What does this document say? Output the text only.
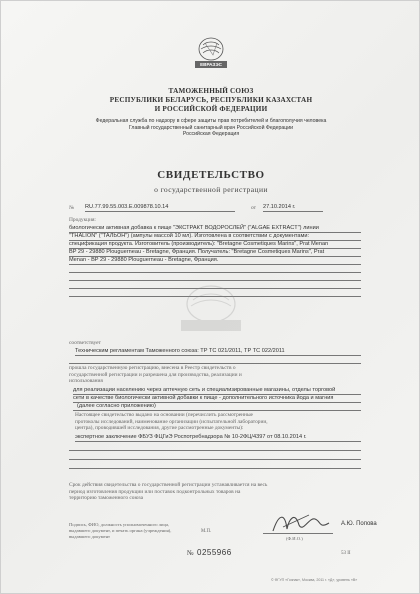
ЕВРАЗЭС
ТАМОЖЕННЫЙ СОЮЗ
РЕСПУБЛИКИ БЕЛАРУСЬ, РЕСПУБЛИКИ КАЗАХСТАН
И РОССИЙСКОЙ ФЕДЕРАЦИИ
Федеральная служба по надзору в сфере защиты прав потребителей и благополучия человека
Главный государственный санитарный врач Российской Федерации
Российская Федерация
СВИДЕТЕЛЬСТВО
о государственной регистрации
№ RU.77.99.55.003.E.009878.10.14	от 27.10.2014 г.
Продукция:
биологически активная добавка к пище "ЭКСТРАКТ ВОДОРОСЛЕЙ" ("ALGAE EXTRACT") линии
"THALION" ("ТАЛЬОН") (ампулы массой 10 мл). Изготовлена в соответствии с документами:
спецификация продукта. Изготовитель (производитель): "Bretagne Cosmetiques Marins", Prat Menan
BP 29 - 29880 Plouguerneau - Bretagne, Франция. Получатель: "Bretagne Cosmetiques Marins", Prat
Menan - BP 29 - 29880 Plouguerneau - Bretagne, Франция.
соответствует
Техническим регламентам Таможенного союза: ТР ТС 021/2011, ТР ТС 022/2011
прошла государственную регистрацию, внесена в Реестр свидетельств о
государственной регистрации и разрешена для производства, реализации и
использования
для реализации населению через аптечную сеть и специализированные магазины, отделы торговой
сети в качестве биологически активной добавки к пище - дополнительного источника йода и магния
(далее согласно приложению)
Настоящее свидетельство выдано на основании (перечислить рассмотренные
протоколы исследований, наименование организации (испытательной лаборатории,
центра), проводившей исследования, другие рассмотренные документы):
экспертное заключение ФБУЗ ФЦГиЭ Роспотребнадзора № 10-2ФЦ/4397 от 08.10.2014 г.
Срок действия свидетельства о государственной регистрации устанавливается на весь
период изготовления продукции или поставок подконтрольных товаров на
территорию таможенного союза
Подпись, ФИО, должность уполномоченного лица,
выдавшего документ, и печать органа (учреждения),
выдавшего документ
М.П.
(Ф.И.О.)
А.Ю. Попова
№ 0255966	53 II
© ФГУП «Гознак», Москва, 2011 г. «Д», уровень «B»
